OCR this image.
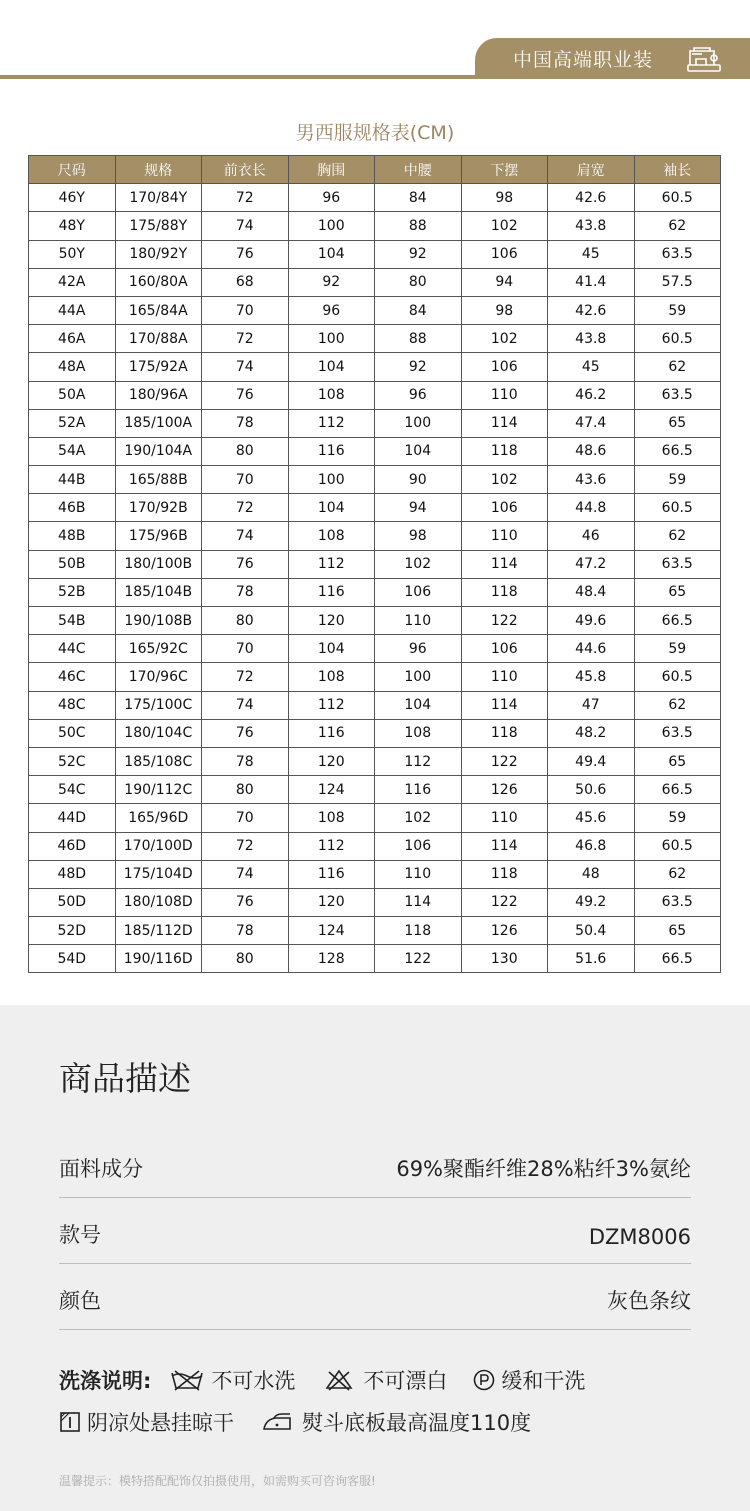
中国高端职业装
男西服规格表(CM)
尺码	规格	前衣长	胸围	中腰	下摆	肩宽	袖长
46Y	170/84Y	72	96	84	98	42.6	60.5
48Y	175/88Y	74	100	88	102	43.8	62
50Y	180/92Y	76	104	92	106	45	63.5
42A	160/80A	68	92	80	94	41.4	57.5
44A	165/84A	70	96	84	98	42.6	59
46A	170/88A	72	100	88	102	43.8	60.5
48A	175/92A	74	104	92	106	45	62
50A	180/96A	76	108	96	110	46.2	63.5
52A	185/100A	78	112	100	114	47.4	65
54A	190/104A	80	116	104	118	48.6	66.5
44B	165/88B	70	100	90	102	43.6	59
46B	170/92B	72	104	94	106	44.8	60.5
48B	175/96B	74	108	98	110	46	62
50B	180/100B	76	112	102	114	47.2	63.5
52B	185/104B	78	116	106	118	48.4	65
54B	190/108B	80	120	110	122	49.6	66.5
44C	165/92C	70	104	96	106	44.6	59
46C	170/96C	72	108	100	110	45.8	60.5
48C	175/100C	74	112	104	114	47	62
50C	180/104C	76	116	108	118	48.2	63.5
52C	185/108C	78	120	112	122	49.4	65
54C	190/112C	80	124	116	126	50.6	66.5
44D	165/96D	70	108	102	110	45.6	59
46D	170/100D	72	112	106	114	46.8	60.5
48D	175/104D	74	116	110	118	48	62
50D	180/108D	76	120	114	122	49.2	63.5
52D	185/112D	78	124	118	126	50.4	65
54D	190/116D	80	128	122	130	51.6	66.5
商品描述
面料成分	69%聚酯纤维28%粘纤3%氨纶
款号	DZM8006
颜色	灰色条纹
洗涤说明:	不可水洗	不可漂白	缓和干洗
阴凉处悬挂晾干	熨斗底板最高温度110度
温馨提示：模特搭配配饰仅拍摄使用，如需购买可咨询客服!
